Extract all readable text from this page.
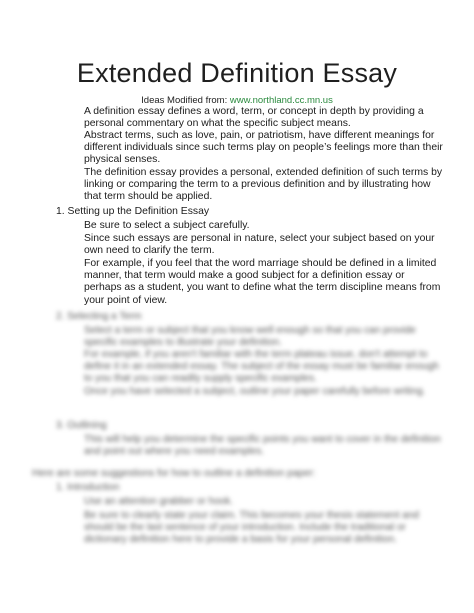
Extended Definition Essay
Ideas Modified from: www.northland.cc.mn.us
A definition essay defines a word, term, or concept in depth by providing a personal commentary on what the specific subject means.
Abstract terms, such as love, pain, or patriotism, have different meanings for different individuals since such terms play on people’s feelings more than their physical senses.
The definition essay provides a personal, extended definition of such terms by linking or comparing the term to a previous definition and by illustrating how that term should be applied.
1. Setting up the Definition Essay
Be sure to select a subject carefully.
Since such essays are personal in nature, select your subject based on your own need to clarify the term.
For example, if you feel that the word marriage should be defined in a limited manner, that term would make a good subject for a definition essay or perhaps as a student, you want to define what the term discipline means from your point of view.
2. Selecting a Term
Select a term or subject that you know well enough so that you can provide specific examples to illustrate your definition.
For example, if you aren't familiar with the term plateau issue, don't attempt to define it in an extended essay. The subject of the essay must be familiar enough to you that you can readily supply specific examples.
Once you have selected a subject, outline your paper carefully before writing.
3. Outlining
This will help you determine the specific points you want to cover in the definition and point out where you need examples.
Here are some suggestions for how to outline a definition paper:
1. Introduction
Use an attention grabber or hook.
Be sure to clearly state your claim. This becomes your thesis statement and should be the last sentence of your introduction. Include the traditional or dictionary definition here to provide a basis for your personal definition.
